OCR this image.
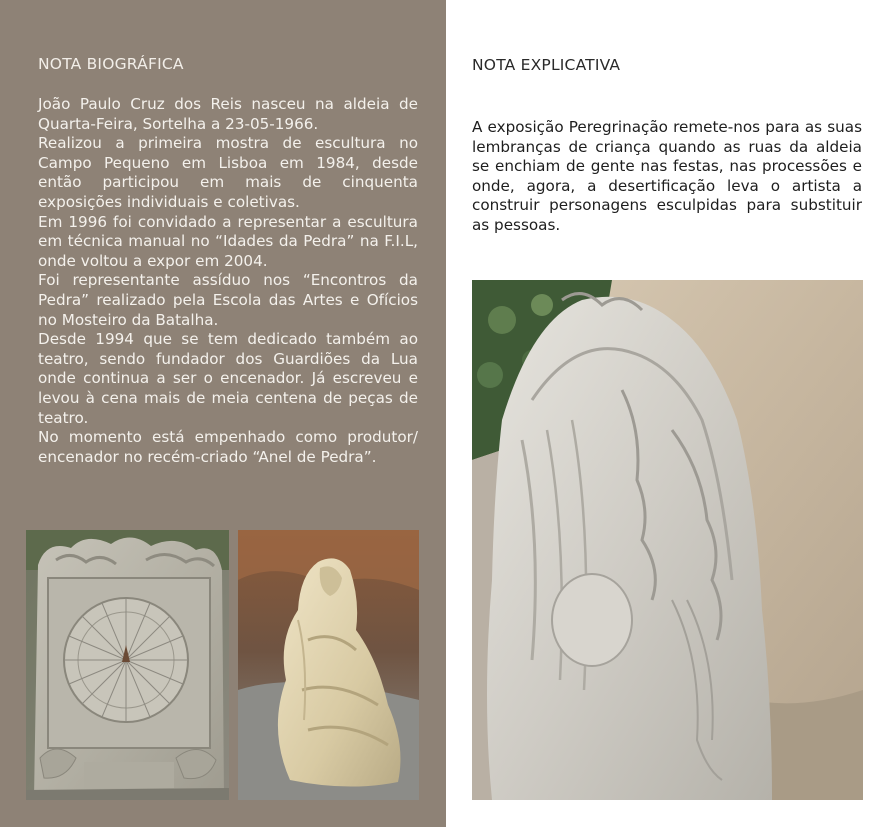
NOTA BIOGRÁFICA

João Paulo Cruz dos Reis nasceu na aldeia de Quarta-Feira, Sortelha a 23-05-1966.

Realizou a primeira mostra de escultura no Campo Pequeno em Lisboa em 1984, desde então participou em mais de cinquenta exposições individuais e coletivas.

Em 1996 foi convidado a representar a escultura em técnica manual no “Idades da Pedra” na F.I.L, onde voltou a expor em 2004.

Foi representante assíduo nos “Encontros da Pedra” realizado pela Escola das Artes e Ofícios no Mosteiro da Batalha.

Desde 1994 que se tem dedicado também ao teatro, sendo fundador dos Guardiões da Lua onde continua a ser o encenador. Já escreveu e levou à cena mais de meia centena de peças de teatro.

No momento está empenhado como produtor/ encenador no recém-criado “Anel de Pedra”.

NOTA EXPLICATIVA
A exposição Peregrinação remete-nos para as suas lembranças de criança quando as ruas da aldeia se enchiam de gente nas festas, nas processões e onde, agora, a desertificação leva o artista a construir personagens esculpidas para substituir as pessoas.
